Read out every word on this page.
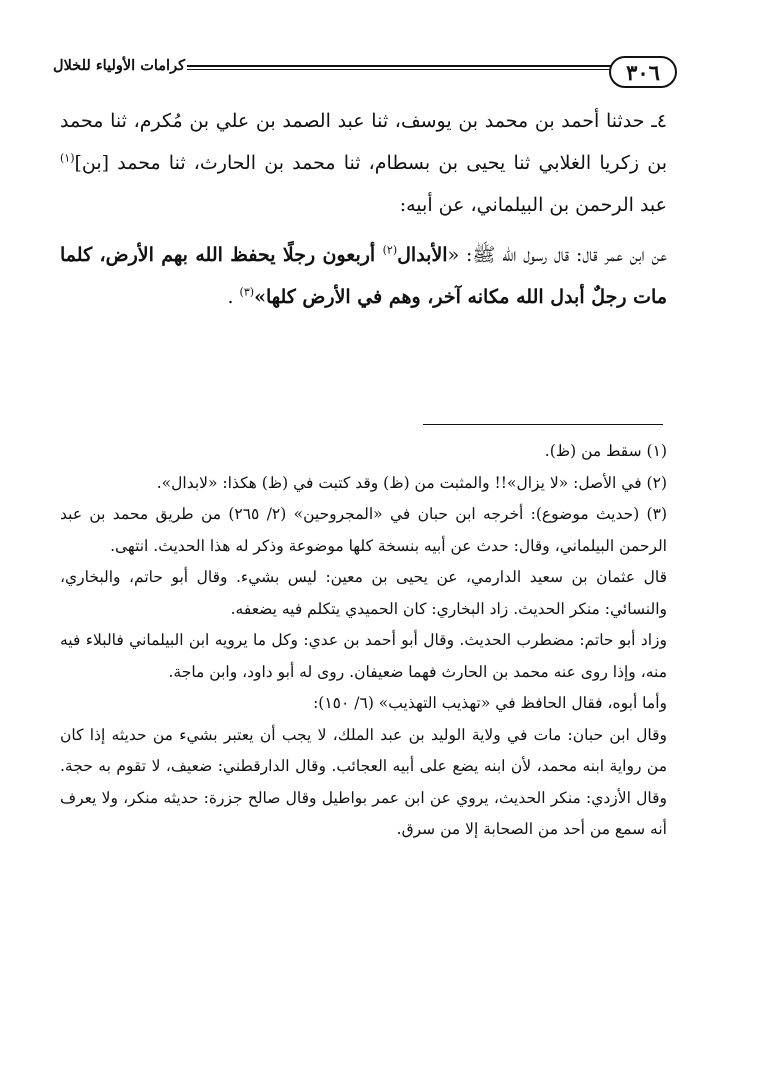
٣٠٦
كرامات الأولياء للخلال

٤ـ حدثنا أحمد بن محمد بن يوسف، ثنا عبد الصمد بن علي بن مُكرم، ثنا محمد بن زكريا الغلابي ثنا يحيى بن بسطام، ثنا محمد بن الحارث، ثنا محمد [بن]$^{(١)}$ عبد الرحمن بن البيلماني، عن أبيه:

عن ابن عمر قال: قال رسول الله ﷺ: «الأبدال$^{(٢)}$ أربعون رجلًا يحفظ الله بهم الأرض، كلما مات رجلٌ أبدل الله مكانه آخر، وهم في الأرض كلها»$^{(٣)}$ .

(١) سقط من (ظ).

(٢) في الأصل: «لا يزال»!! والمثبت من (ظ) وقد كتبت في (ظ) هكذا: «لابدال».

(٣) (حديث موضوع): أخرجه ابن حبان في «المجروحين» (٢/ ٢٦٥) من طريق محمد بن عبد الرحمن البيلماني، وقال: حدث عن أبيه بنسخة كلها موضوعة وذكر له هذا الحديث. انتهى.

قال عثمان بن سعيد الدارمي، عن يحيى بن معين: ليس بشيء. وقال أبو حاتم، والبخاري، والنسائي: منكر الحديث. زاد البخاري: كان الحميدي يتكلم فيه يضعفه.

وزاد أبو حاتم: مضطرب الحديث. وقال أبو أحمد بن عدي: وكل ما يرويه ابن البيلماني فالبلاء فيه منه، وإذا روى عنه محمد بن الحارث فهما ضعيفان. روى له أبو داود، وابن ماجة.

وأما أبوه، فقال الحافظ في «تهذيب التهذيب» (٦/ ١٥٠):

وقال ابن حبان: مات في ولاية الوليد بن عبد الملك، لا يجب أن يعتبر بشيء من حديثه إذا كان من رواية ابنه محمد، لأن ابنه يضع على أبيه العجائب. وقال الدارقطني: ضعيف، لا تقوم به حجة. وقال الأزدي: منكر الحديث، يروي عن ابن عمر بواطيل وقال صالح جزرة: حديثه منكر، ولا يعرف أنه سمع من أحد من الصحابة إلا من سرق.
